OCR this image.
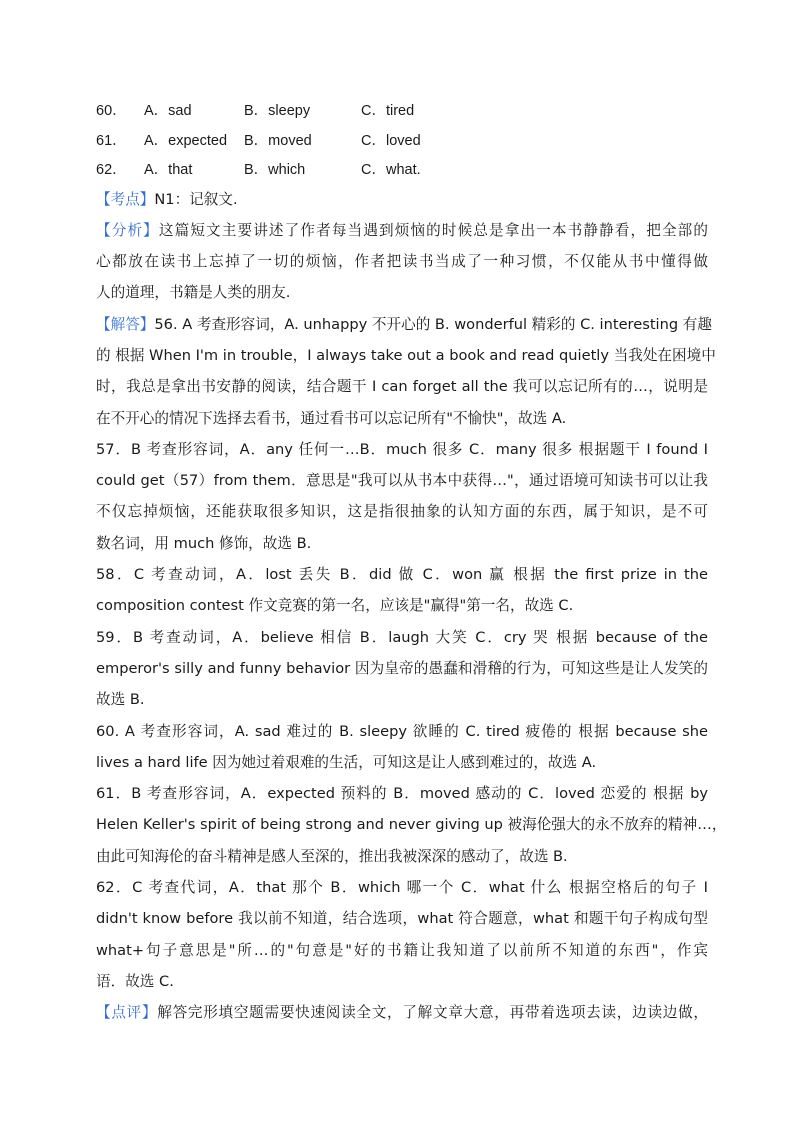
60．	A．sad	B．sleepy	C．tired
61．	A．expected	B．moved	C．loved
62．	A．that	B．which	C．what.
【考点】N1：记叙文.
【分析】这篇短文主要讲述了作者每当遇到烦恼的时候总是拿出一本书静静看，把全部的
心都放在读书上忘掉了一切的烦恼，作者把读书当成了一种习惯，不仅能从书中懂得做
人的道理，书籍是人类的朋友.
【解答】56. A 考查形容词，A. unhappy 不开心的 B. wonderful 精彩的 C. interesting 有趣
的 根据 When I'm in trouble，I always take out a book and read quietly 当我处在困境中
时，我总是拿出书安静的阅读，结合题干 I can forget all the 我可以忘记所有的…，说明是
在不开心的情况下选择去看书，通过看书可以忘记所有"不愉快"，故选 A.
57．B 考查形容词，A．any 任何一…B．much 很多 C．many 很多 根据题干 I found I
could get（57）from them．意思是"我可以从书本中获得…"，通过语境可知读书可以让我
不仅忘掉烦恼，还能获取很多知识，这是指很抽象的认知方面的东西，属于知识，是不可
数名词，用 much 修饰，故选 B.
58．C 考查动词，A．lost 丢失 B．did 做 C．won 赢 根据 the first prize in the
composition contest 作文竞赛的第一名，应该是"赢得"第一名，故选 C.
59．B 考查动词，A．believe 相信 B．laugh 大笑 C．cry 哭 根据 because of the
emperor's silly and funny behavior 因为皇帝的愚蠢和滑稽的行为，可知这些是让人发笑的
故选 B.
60. A 考查形容词，A. sad 难过的 B. sleepy 欲睡的 C. tired 疲倦的 根据 because she
lives a hard life 因为她过着艰难的生活，可知这是让人感到难过的，故选 A.
61．B 考查形容词，A．expected 预料的 B．moved 感动的 C．loved 恋爱的 根据 by
Helen Keller's spirit of being strong and never giving up 被海伦强大的永不放弃的精神…，
由此可知海伦的奋斗精神是感人至深的，推出我被深深的感动了，故选 B.
62．C 考查代词，A．that 那个 B．which 哪一个 C．what 什么 根据空格后的句子 I
didn't know before 我以前不知道，结合选项，what 符合题意，what 和题干句子构成句型
what+句子意思是"所…的"句意是"好的书籍让我知道了以前所不知道的东西"，作宾
语．故选 C.
【点评】解答完形填空题需要快速阅读全文，了解文章大意，再带着选项去读，边读边做，
